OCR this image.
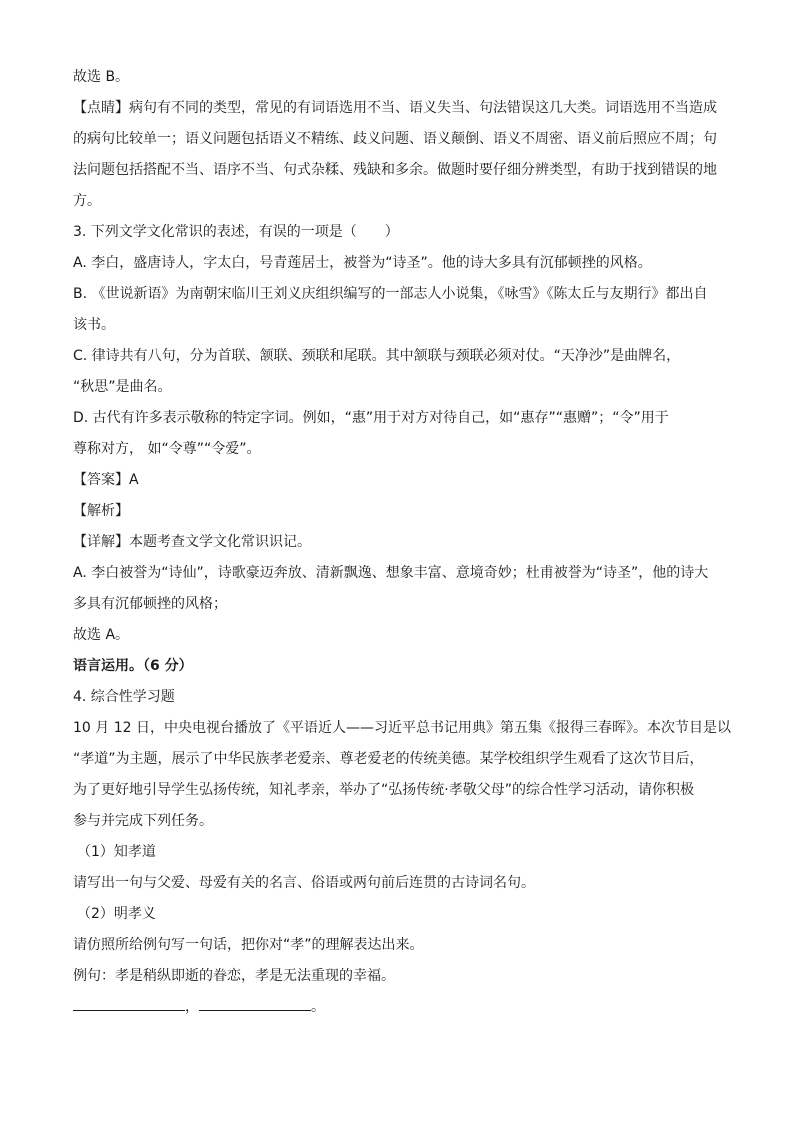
故选 B。
【点睛】病句有不同的类型，常见的有词语选用不当、语义失当、句法错误这几大类。词语选用不当造成
的病句比较单一；语义问题包括语义不精练、歧义问题、语义颠倒、语义不周密、语义前后照应不周；句
法问题包括搭配不当、语序不当、句式杂糅、残缺和多余。做题时要仔细分辨类型，有助于找到错误的地
方。
3. 下列文学文化常识的表述，有误的一项是（　　）
A. 李白，盛唐诗人，字太白，号青莲居士，被誉为“诗圣”。他的诗大多具有沉郁顿挫的风格。
B. 《世说新语》为南朝宋临川王刘义庆组织编写的一部志人小说集，《咏雪》《陈太丘与友期行》都出自
该书。
C. 律诗共有八句，分为首联、颔联、颈联和尾联。其中颔联与颈联必须对仗。“天净沙”是曲牌名，
“秋思”是曲名。
D. 古代有许多表示敬称的特定字词。例如，“惠”用于对方对待自己，如“惠存”“惠赠”；“令”用于
尊称对方， 如“令尊”“令爱”。
【答案】A
【解析】
【详解】本题考查文学文化常识识记。
A. 李白被誉为“诗仙”，诗歌豪迈奔放、清新飘逸、想象丰富、意境奇妙；杜甫被誉为“诗圣”，他的诗大
多具有沉郁顿挫的风格；
故选 A。
语言运用。（6 分）
4. 综合性学习题
10 月 12 日，中央电视台播放了《平语近人——习近平总书记用典》第五集《报得三春晖》。本次节目是以
“孝道”为主题，展示了中华民族孝老爱亲、尊老爱老的传统美德。某学校组织学生观看了这次节目后，
为了更好地引导学生弘扬传统，知礼孝亲，举办了“弘扬传统·孝敬父母”的综合性学习活动，请你积极
参与并完成下列任务。
（1）知孝道
请写出一句与父爱、母爱有关的名言、俗语或两句前后连贯的古诗词名句。
（2）明孝义
请仿照所给例句写一句话，把你对“孝”的理解表达出来。
例句：孝是稍纵即逝的眷恋，孝是无法重现的幸福。
，	。
